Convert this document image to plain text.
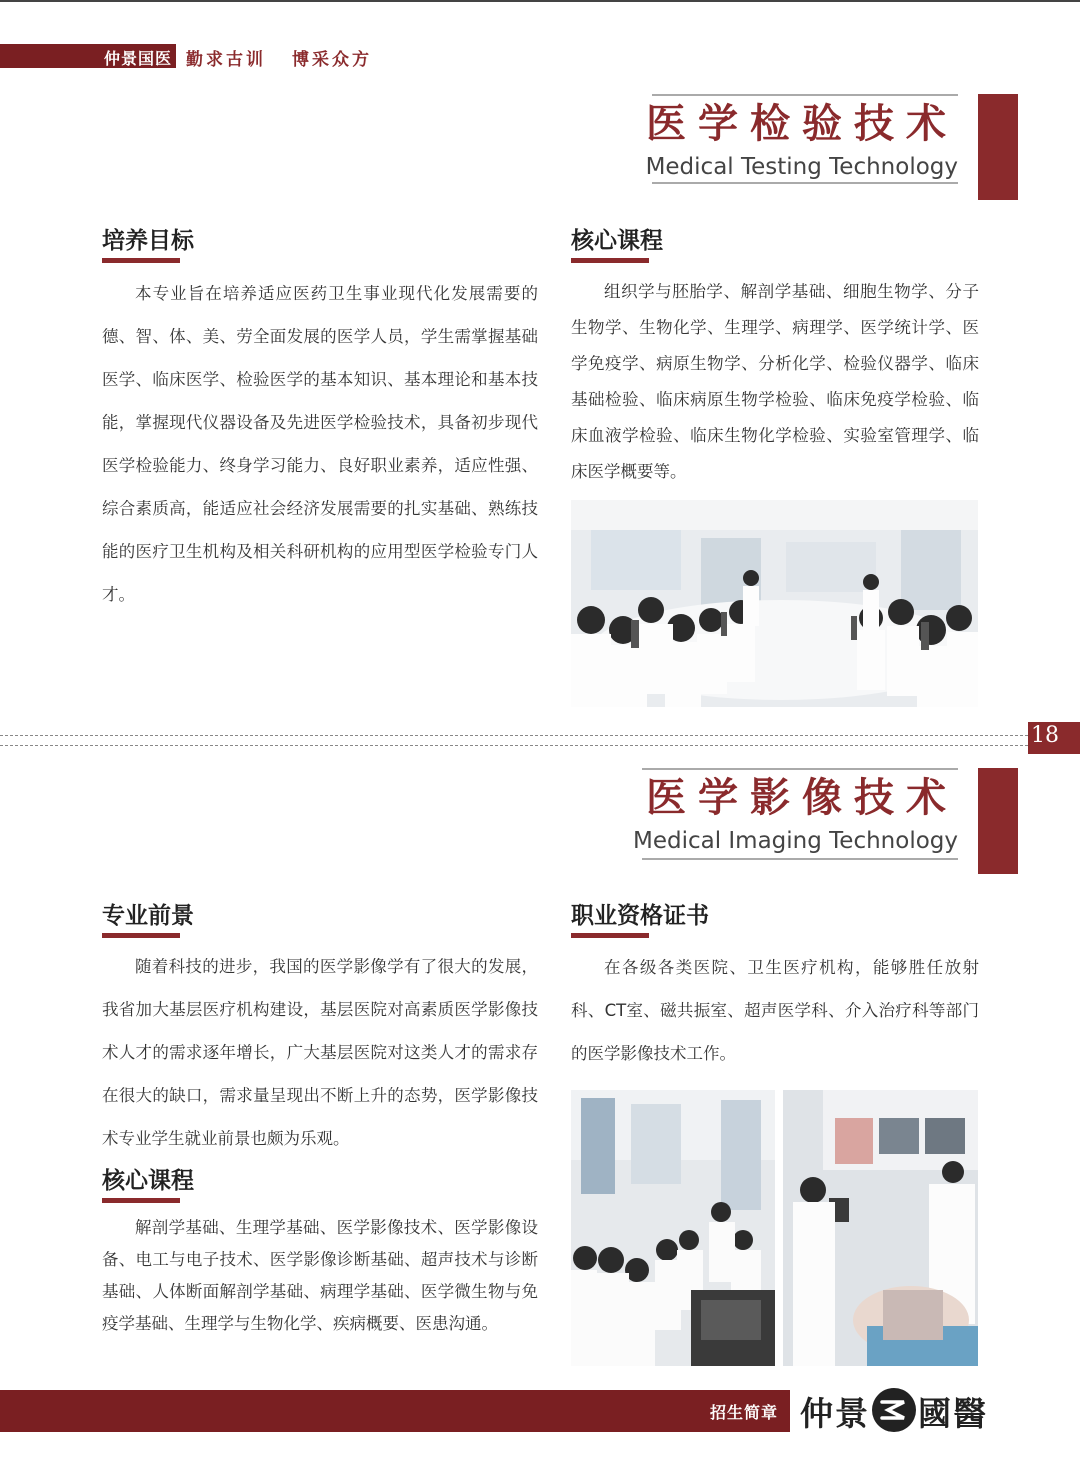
仲景国医 勤求古训 博采众方
医学检验技术
Medical Testing Technology
培养目标

本专业旨在培养适应医药卫生事业现代化发展需要的德、智、体、美、劳全面发展的医学人员，学生需掌握基础医学、临床医学、检验医学的基本知识、基本理论和基本技能，掌握现代仪器设备及先进医学检验技术，具备初步现代医学检验能力、终身学习能力、良好职业素养，适应性强、综合素质高，能适应社会经济发展需要的扎实基础、熟练技能的医疗卫生机构及相关科研机构的应用型医学检验专门人才。

核心课程

组织学与胚胎学、解剖学基础、细胞生物学、分子生物学、生物化学、生理学、病理学、医学统计学、医学免疫学、病原生物学、分析化学、检验仪器学、临床基础检验、临床病原生物学检验、临床免疫学检验、临床血液学检验、临床生物化学检验、实验室管理学、临床医学概要等。

18
医学影像技术
Medical Imaging Technology
专业前景

随着科技的进步，我国的医学影像学有了很大的发展，我省加大基层医疗机构建设，基层医院对高素质医学影像技术人才的需求逐年增长，广大基层医院对这类人才的需求存在很大的缺口，需求量呈现出不断上升的态势，医学影像技术专业学生就业前景也颇为乐观。

核心课程

解剖学基础、生理学基础、医学影像技术、医学影像设备、电工与电子技术、医学影像诊断基础、超声技术与诊断基础、人体断面解剖学基础、病理学基础、医学微生物与免疫学基础、生理学与生物化学、疾病概要、医患沟通。

职业资格证书

在各级各类医院、卫生医疗机构，能够胜任放射科、CT室、磁共振室、超声医学科、介入治疗科等部门的医学影像技术工作。

招生简章 仲景 國醫
